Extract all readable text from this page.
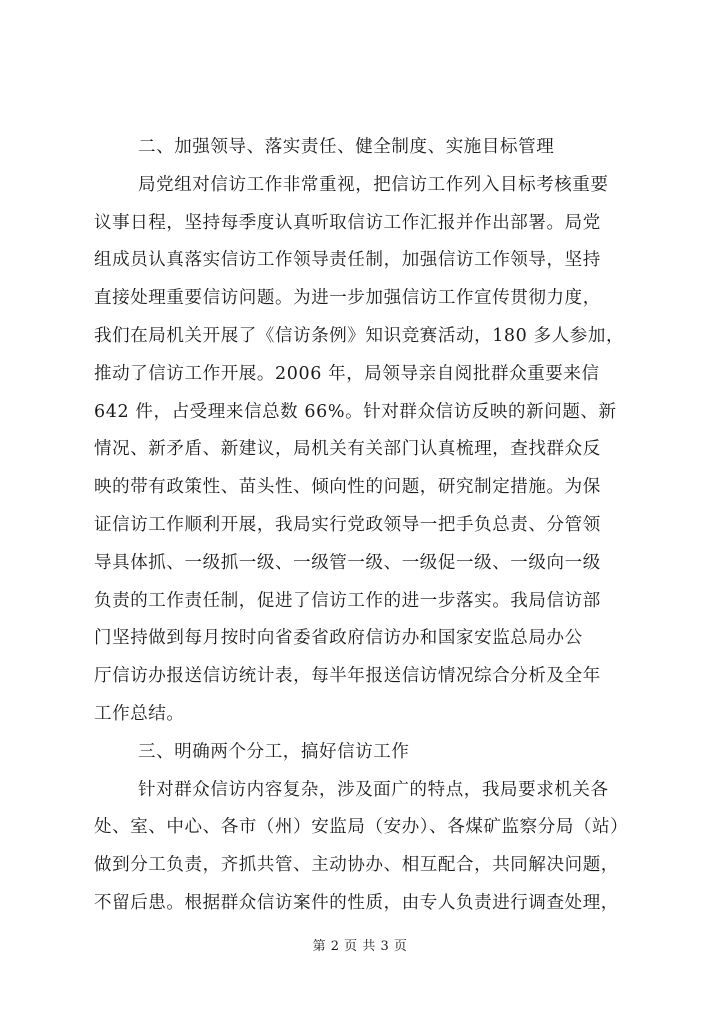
二、加强领导、落实责任、健全制度、实施目标管理
局党组对信访工作非常重视，把信访工作列入目标考核重要
议事日程，坚持每季度认真听取信访工作汇报并作出部署。局党
组成员认真落实信访工作领导责任制，加强信访工作领导，坚持
直接处理重要信访问题。为进一步加强信访工作宣传贯彻力度，
我们在局机关开展了《信访条例》知识竞赛活动，180 多人参加，
推动了信访工作开展。2006 年，局领导亲自阅批群众重要来信
642 件，占受理来信总数 66%。针对群众信访反映的新问题、新
情况、新矛盾、新建议，局机关有关部门认真梳理，查找群众反
映的带有政策性、苗头性、倾向性的问题，研究制定措施。为保
证信访工作顺利开展，我局实行党政领导一把手负总责、分管领
导具体抓、一级抓一级、一级管一级、一级促一级、一级向一级
负责的工作责任制，促进了信访工作的进一步落实。我局信访部
门坚持做到每月按时向省委省政府信访办和国家安监总局办公
厅信访办报送信访统计表，每半年报送信访情况综合分析及全年
工作总结。
三、明确两个分工，搞好信访工作
针对群众信访内容复杂，涉及面广的特点，我局要求机关各
处、室、中心、各市（州）安监局（安办）、各煤矿监察分局（站）
做到分工负责，齐抓共管、主动协办、相互配合，共同解决问题，
不留后患。根据群众信访案件的性质，由专人负责进行调查处理，
第 2 页 共 3 页
